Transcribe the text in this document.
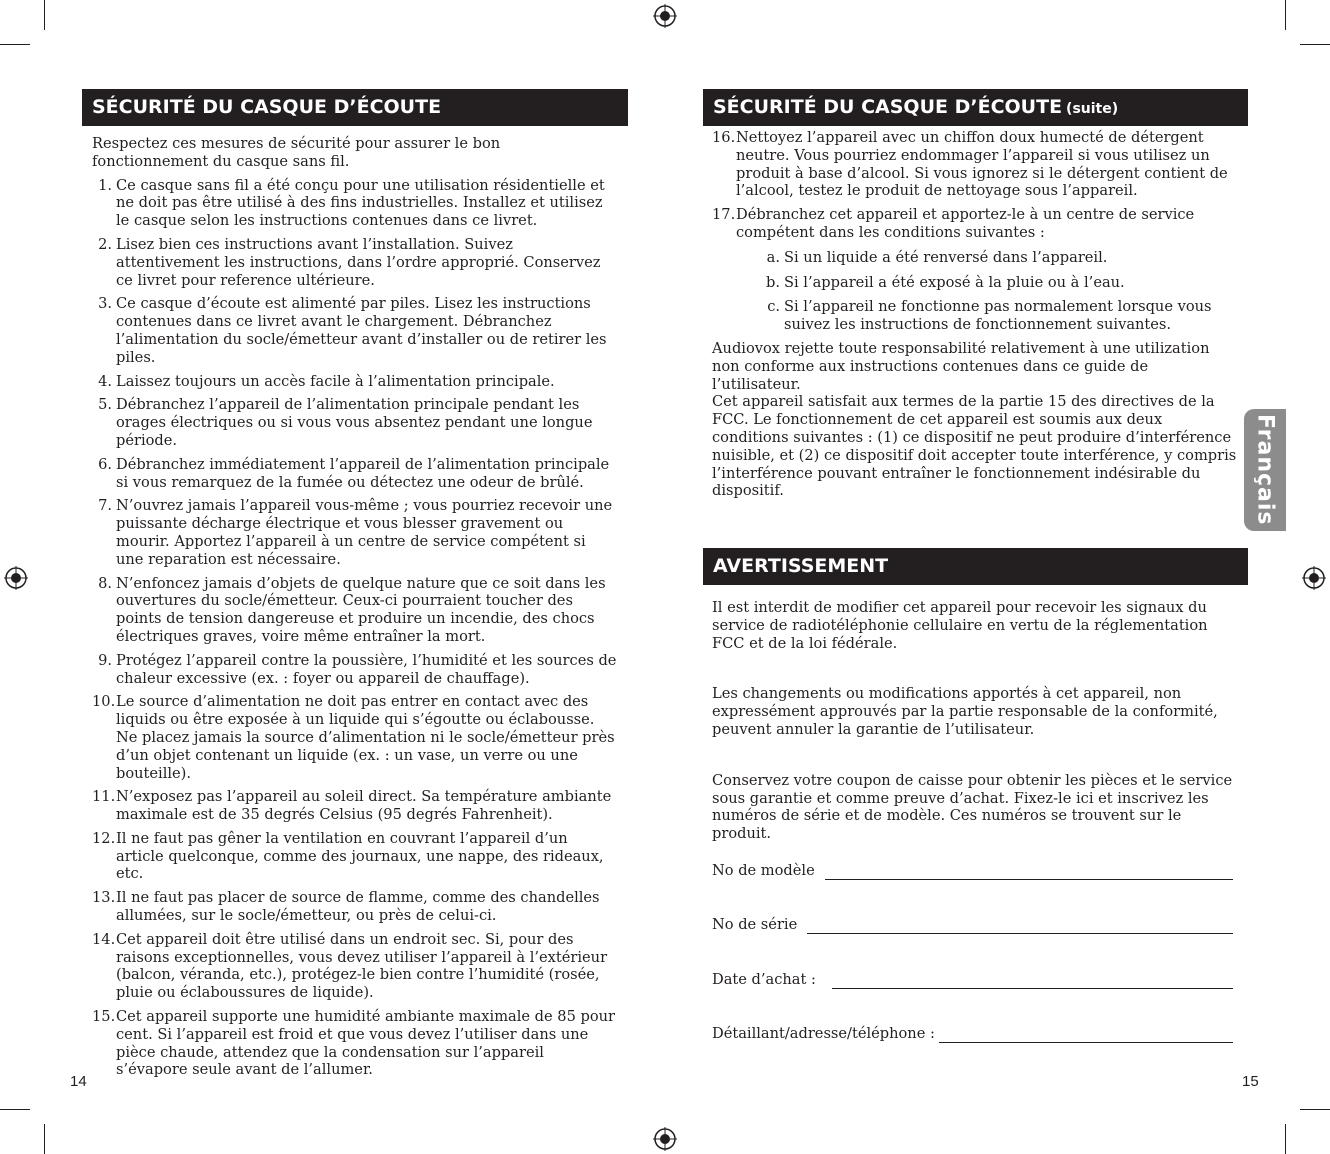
SÉCURITÉ DU CASQUE D’ÉCOUTE

Respectez ces mesures de sécurité pour assurer le bon fonctionnement du casque sans fil.

1. Ce casque sans fil a été conçu pour une utilisation résidentielle et ne doit pas être utilisé à des fins industrielles. Installez et utilisez le casque selon les instructions contenues dans ce livret.
2. Lisez bien ces instructions avant l’installation. Suivez attentivement les instructions, dans l’ordre approprié. Conservez ce livret pour reference ultérieure.
3. Ce casque d’écoute est alimenté par piles. Lisez les instructions contenues dans ce livret avant le chargement. Débranchez l’alimentation du socle/émetteur avant d’installer ou de retirer les piles.
4. Laissez toujours un accès facile à l’alimentation principale.
5. Débranchez l’appareil de l’alimentation principale pendant les orages électriques ou si vous vous absentez pendant une longue période.
6. Débranchez immédiatement l’appareil de l’alimentation principale si vous remarquez de la fumée ou détectez une odeur de brûlé.
7. N’ouvrez jamais l’appareil vous-même ; vous pourriez recevoir une puissante décharge électrique et vous blesser gravement ou mourir. Apportez l’appareil à un centre de service compétent si une reparation est nécessaire.
8. N’enfoncez jamais d’objets de quelque nature que ce soit dans les ouvertures du socle/émetteur. Ceux-ci pourraient toucher des points de tension dangereuse et produire un incendie, des chocs électriques graves, voire même entraîner la mort.
9. Protégez l’appareil contre la poussière, l’humidité et les sources de chaleur excessive (ex. : foyer ou appareil de chauffage).
10. Le source d’alimentation ne doit pas entrer en contact avec des liquids ou être exposée à un liquide qui s’égoutte ou éclabousse. Ne placez jamais la source d’alimentation ni le socle/émetteur près d’un objet contenant un liquide (ex. : un vase, un verre ou une bouteille).
11. N’exposez pas l’appareil au soleil direct. Sa température ambiante maximale est de 35 degrés Celsius (95 degrés Fahrenheit).
12. Il ne faut pas gêner la ventilation en couvrant l’appareil d’un article quelconque, comme des journaux, une nappe, des rideaux, etc.
13. Il ne faut pas placer de source de flamme, comme des chandelles allumées, sur le socle/émetteur, ou près de celui-ci.
14. Cet appareil doit être utilisé dans un endroit sec. Si, pour des raisons exceptionnelles, vous devez utiliser l’appareil à l’extérieur (balcon, véranda, etc.), protégez-le bien contre l’humidité (rosée, pluie ou éclaboussures de liquide).
15. Cet appareil supporte une humidité ambiante maximale de 85 pour cent. Si l’appareil est froid et que vous devez l’utiliser dans une pièce chaude, attendez que la condensation sur l’appareil s’évapore seule avant de l’allumer.
14
SÉCURITÉ DU CASQUE D’ÉCOUTE (suite)
16. Nettoyez l’appareil avec un chiffon doux humecté de détergent neutre. Vous pourriez endommager l’appareil si vous utilisez un produit à base d’alcool. Si vous ignorez si le détergent contient de l’alcool, testez le produit de nettoyage sous l’appareil.
17. Débranchez cet appareil et apportez-le à un centre de service compétent dans les conditions suivantes :
a. Si un liquide a été renversé dans l’appareil.
b. Si l’appareil a été exposé à la pluie ou à l’eau.
c. Si l’appareil ne fonctionne pas normalement lorsque vous suivez les instructions de fonctionnement suivantes.

Audiovox rejette toute responsabilité relativement à une utilization non conforme aux instructions contenues dans ce guide de l’utilisateur.

Cet appareil satisfait aux termes de la partie 15 des directives de la FCC. Le fonctionnement de cet appareil est soumis aux deux conditions suivantes : (1) ce dispositif ne peut produire d’interférence nuisible, et (2) ce dispositif doit accepter toute interférence, y compris l’interférence pouvant entraîner le fonctionnement indésirable du dispositif.	Français
AVERTISSEMENT

Il est interdit de modifier cet appareil pour recevoir les signaux du service de radiotéléphonie cellulaire en vertu de la réglementation FCC et de la loi fédérale.

Les changements ou modifications apportés à cet appareil, non expressément approuvés par la partie responsable de la conformité, peuvent annuler la garantie de l’utilisateur.

Conservez votre coupon de caisse pour obtenir les pièces et le service sous garantie et comme preuve d’achat. Fixez-le ici et inscrivez les numéros de série et de modèle. Ces numéros se trouvent sur le produit.

No de modèle
No de série
Date d’achat :
Détaillant/adresse/téléphone :
15
